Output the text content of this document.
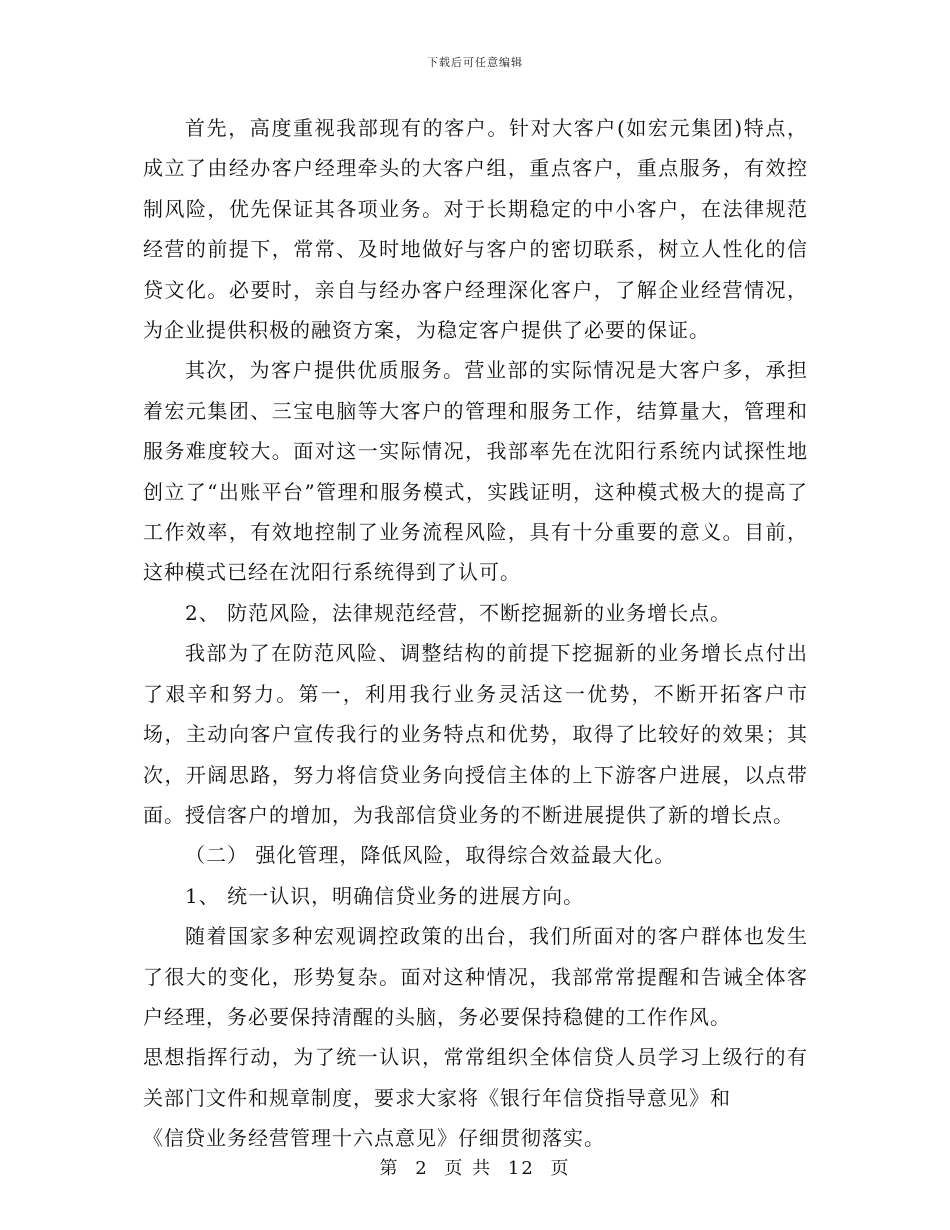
下载后可任意编辑

首先，高度重视我部现有的客户。针对大客户(如宏元集团)特点，成立了由经办客户经理牵头的大客户组，重点客户，重点服务，有效控制风险，优先保证其各项业务。对于长期稳定的中小客户，在法律规范经营的前提下，常常、及时地做好与客户的密切联系，树立人性化的信贷文化。必要时，亲自与经办客户经理深化客户，了解企业经营情况，为企业提供积极的融资方案，为稳定客户提供了必要的保证。

其次，为客户提供优质服务。营业部的实际情况是大客户多，承担着宏元集团、三宝电脑等大客户的管理和服务工作，结算量大，管理和服务难度较大。面对这一实际情况，我部率先在沈阳行系统内试探性地创立了“出账平台”管理和服务模式，实践证明，这种模式极大的提高了工作效率，有效地控制了业务流程风险，具有十分重要的意义。目前，这种模式已经在沈阳行系统得到了认可。

2、 防范风险，法律规范经营，不断挖掘新的业务增长点。

我部为了在防范风险、调整结构的前提下挖掘新的业务增长点付出了艰辛和努力。第一，利用我行业务灵活这一优势，不断开拓客户市场，主动向客户宣传我行的业务特点和优势，取得了比较好的效果；其次，开阔思路，努力将信贷业务向授信主体的上下游客户进展，以点带面。授信客户的增加，为我部信贷业务的不断进展提供了新的增长点。

（二） 强化管理，降低风险，取得综合效益最大化。

1、 统一认识，明确信贷业务的进展方向。

随着国家多种宏观调控政策的出台，我们所面对的客户群体也发生了很大的变化，形势复杂。面对这种情况，我部常常提醒和告诫全体客户经理，务必要保持清醒的头脑，务必要保持稳健的工作作风。

思想指挥行动，为了统一认识，常常组织全体信贷人员学习上级行的有关部门文件和规章制度，要求大家将《银行年信贷指导意见》和

《信贷业务经营管理十六点意见》仔细贯彻落实。

第 2 页 共 12 页
